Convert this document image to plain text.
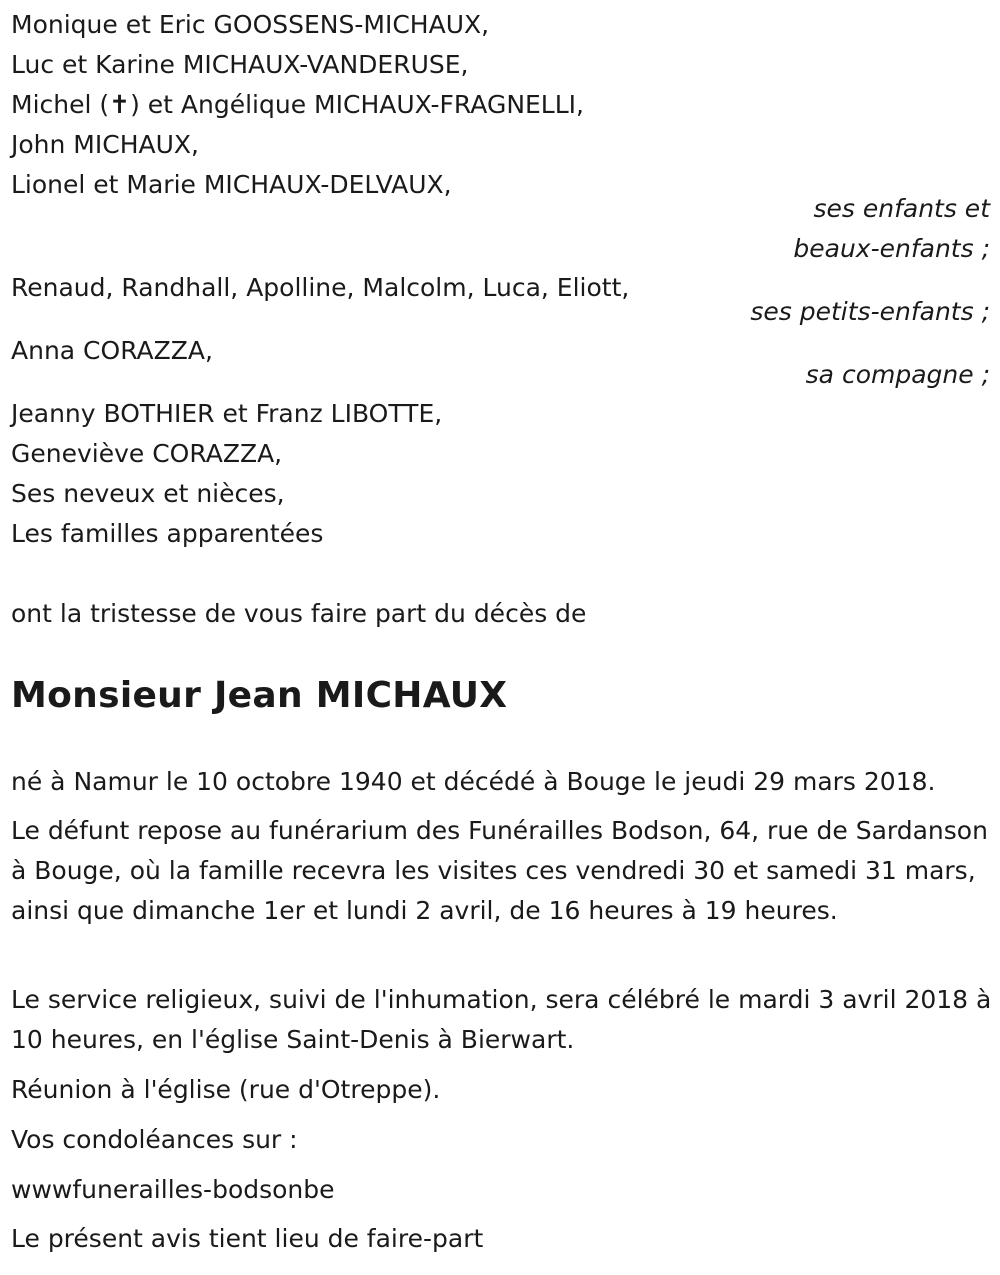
Monique et Eric GOOSSENS-MICHAUX,
Luc et Karine MICHAUX-VANDERUSE,
Michel (✝) et Angélique MICHAUX-FRAGNELLI,
John MICHAUX,
Lionel et Marie MICHAUX-DELVAUX,
ses enfants et
beaux-enfants ;
Renaud, Randhall, Apolline, Malcolm, Luca, Eliott,
ses petits-enfants ;
Anna CORAZZA,
sa compagne ;
Jeanny BOTHIER et Franz LIBOTTE,
Geneviève CORAZZA,
Ses neveux et nièces,
Les familles apparentées
ont la tristesse de vous faire part du décès de
Monsieur Jean MICHAUX
né à Namur le 10 octobre 1940 et décédé à Bouge le jeudi 29 mars 2018.
Le défunt repose au funérarium des Funérailles Bodson, 64, rue de Sardanson à Bouge, où la famille recevra les visites ces vendredi 30 et samedi 31 mars, ainsi que dimanche 1er et lundi 2 avril, de 16 heures à 19 heures.
Le service religieux, suivi de l'inhumation, sera célébré le mardi 3 avril 2018 à 10 heures, en l'église Saint-Denis à Bierwart.
Réunion à l'église (rue d'Otreppe).
Vos condoléances sur :
wwwfunerailles-bodsonbe
Le présent avis tient lieu de faire-part
